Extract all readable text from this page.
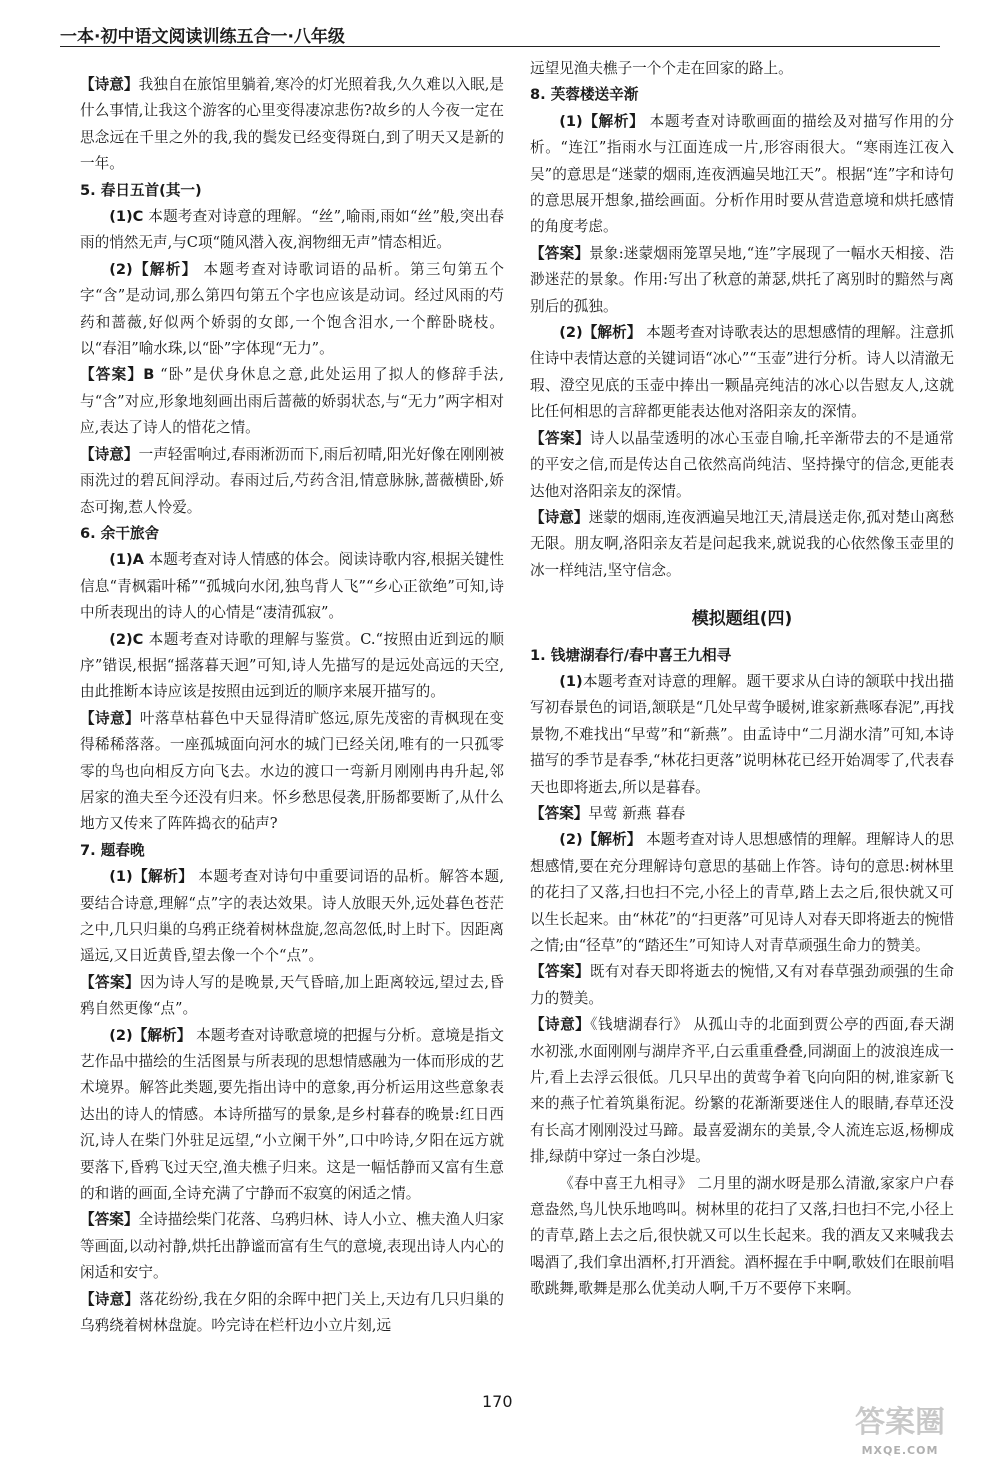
一本·初中语文阅读训练五合一·八年级

【诗意】我独自在旅馆里躺着,寒冷的灯光照着我,久久难以入眠,是什么事情,让我这个游客的心里变得凄凉悲伤?故乡的人今夜一定在思念远在千里之外的我,我的鬓发已经变得斑白,到了明天又是新的一年。

5. 春日五首(其一)

(1)C 本题考查对诗意的理解。“丝”,喻雨,雨如“丝”般,突出春雨的悄然无声,与C项“随风潜入夜,润物细无声”情态相近。

(2)【解析】 本题考查对诗歌词语的品析。第三句第五个字“含”是动词,那么第四句第五个字也应该是动词。经过风雨的芍药和蔷薇,好似两个娇弱的女郎,一个饱含泪水,一个醉卧晓枝。以“春泪”喻水珠,以“卧”字体现“无力”。

【答案】B “卧”是伏身休息之意,此处运用了拟人的修辞手法,与“含”对应,形象地刻画出雨后蔷薇的娇弱状态,与“无力”两字相对应,表达了诗人的惜花之情。

【诗意】一声轻雷响过,春雨淅沥而下,雨后初晴,阳光好像在刚刚被雨洗过的碧瓦间浮动。春雨过后,芍药含泪,情意脉脉,蔷薇横卧,娇态可掬,惹人怜爱。

6. 余干旅舍

(1)A 本题考查对诗人情感的体会。阅读诗歌内容,根据关键性信息“青枫霜叶稀”“孤城向水闭,独鸟背人飞”“乡心正欲绝”可知,诗中所表现出的诗人的心情是“凄清孤寂”。

(2)C 本题考查对诗歌的理解与鉴赏。C.“按照由近到远的顺序”错误,根据“摇落暮天迥”可知,诗人先描写的是远处高远的天空,由此推断本诗应该是按照由远到近的顺序来展开描写的。

【诗意】叶落草枯暮色中天显得清旷悠远,原先茂密的青枫现在变得稀稀落落。一座孤城面向河水的城门已经关闭,唯有的一只孤零零的鸟也向相反方向飞去。水边的渡口一弯新月刚刚冉冉升起,邻居家的渔夫至今还没有归来。怀乡愁思侵袭,肝肠都要断了,从什么地方又传来了阵阵捣衣的砧声?

7. 题春晚

(1)【解析】 本题考查对诗句中重要词语的品析。解答本题,要结合诗意,理解“点”字的表达效果。诗人放眼天外,远处暮色苍茫之中,几只归巢的乌鸦正绕着树林盘旋,忽高忽低,时上时下。因距离遥远,又日近黄昏,望去像一个个“点”。

【答案】因为诗人写的是晚景,天气昏暗,加上距离较远,望过去,昏鸦自然更像“点”。

(2)【解析】 本题考查对诗歌意境的把握与分析。意境是指文艺作品中描绘的生活图景与所表现的思想情感融为一体而形成的艺术境界。解答此类题,要先指出诗中的意象,再分析运用这些意象表达出的诗人的情感。本诗所描写的景象,是乡村暮春的晚景:红日西沉,诗人在柴门外驻足远望,“小立阑干外”,口中吟诗,夕阳在远方就要落下,昏鸦飞过天空,渔夫樵子归来。这是一幅恬静而又富有生意的和谐的画面,全诗充满了宁静而不寂寞的闲适之情。

【答案】全诗描绘柴门花落、乌鸦归林、诗人小立、樵夫渔人归家等画面,以动衬静,烘托出静谧而富有生气的意境,表现出诗人内心的闲适和安宁。

【诗意】落花纷纷,我在夕阳的余晖中把门关上,天边有几只归巢的乌鸦绕着树林盘旋。吟完诗在栏杆边小立片刻,远

远望见渔夫樵子一个个走在回家的路上。

8. 芙蓉楼送辛渐

(1)【解析】 本题考查对诗歌画面的描绘及对描写作用的分析。“连江”指雨水与江面连成一片,形容雨很大。“寒雨连江夜入吴”的意思是“迷蒙的烟雨,连夜洒遍吴地江天”。根据“连”字和诗句的意思展开想象,描绘画面。分析作用时要从营造意境和烘托感情的角度考虑。

【答案】景象:迷蒙烟雨笼罩吴地,“连”字展现了一幅水天相接、浩渺迷茫的景象。作用:写出了秋意的萧瑟,烘托了离别时的黯然与离别后的孤独。

(2)【解析】 本题考查对诗歌表达的思想感情的理解。注意抓住诗中表情达意的关键词语“冰心”“玉壶”进行分析。诗人以清澈无瑕、澄空见底的玉壶中捧出一颗晶亮纯洁的冰心以告慰友人,这就比任何相思的言辞都更能表达他对洛阳亲友的深情。

【答案】诗人以晶莹透明的冰心玉壶自喻,托辛渐带去的不是通常的平安之信,而是传达自己依然高尚纯洁、坚持操守的信念,更能表达他对洛阳亲友的深情。

【诗意】迷蒙的烟雨,连夜洒遍吴地江天,清晨送走你,孤对楚山离愁无限。朋友啊,洛阳亲友若是问起我来,就说我的心依然像玉壶里的冰一样纯洁,坚守信念。

模拟题组(四)

1. 钱塘湖春行/春中喜王九相寻

(1)本题考查对诗意的理解。题干要求从白诗的颔联中找出描写初春景色的词语,颔联是“几处早莺争暖树,谁家新燕啄春泥”,再找景物,不难找出“早莺”和“新燕”。由孟诗中“二月湖水清”可知,本诗描写的季节是春季,“林花扫更落”说明林花已经开始凋零了,代表春天也即将逝去,所以是暮春。

【答案】早莺 新燕 暮春

(2)【解析】 本题考查对诗人思想感情的理解。理解诗人的思想感情,要在充分理解诗句意思的基础上作答。诗句的意思:树林里的花扫了又落,扫也扫不完,小径上的青草,踏上去之后,很快就又可以生长起来。由“林花”的“扫更落”可见诗人对春天即将逝去的惋惜之情;由“径草”的“踏还生”可知诗人对青草顽强生命力的赞美。

【答案】既有对春天即将逝去的惋惜,又有对春草强劲顽强的生命力的赞美。

【诗意】《钱塘湖春行》 从孤山寺的北面到贾公亭的西面,春天湖水初涨,水面刚刚与湖岸齐平,白云重重叠叠,同湖面上的波浪连成一片,看上去浮云很低。几只早出的黄莺争着飞向向阳的树,谁家新飞来的燕子忙着筑巢衔泥。纷繁的花渐渐要迷住人的眼睛,春草还没有长高才刚刚没过马蹄。最喜爱湖东的美景,令人流连忘返,杨柳成排,绿荫中穿过一条白沙堤。

《春中喜王九相寻》 二月里的湖水呀是那么清澈,家家户户春意盎然,鸟儿快乐地鸣叫。树林里的花扫了又落,扫也扫不完,小径上的青草,踏上去之后,很快就又可以生长起来。我的酒友又来喊我去喝酒了,我们拿出酒杯,打开酒瓮。酒杯握在手中啊,歌妓们在眼前唱歌跳舞,歌舞是那么优美动人啊,千万不要停下来啊。

170
答案圈
MXQE.COM
